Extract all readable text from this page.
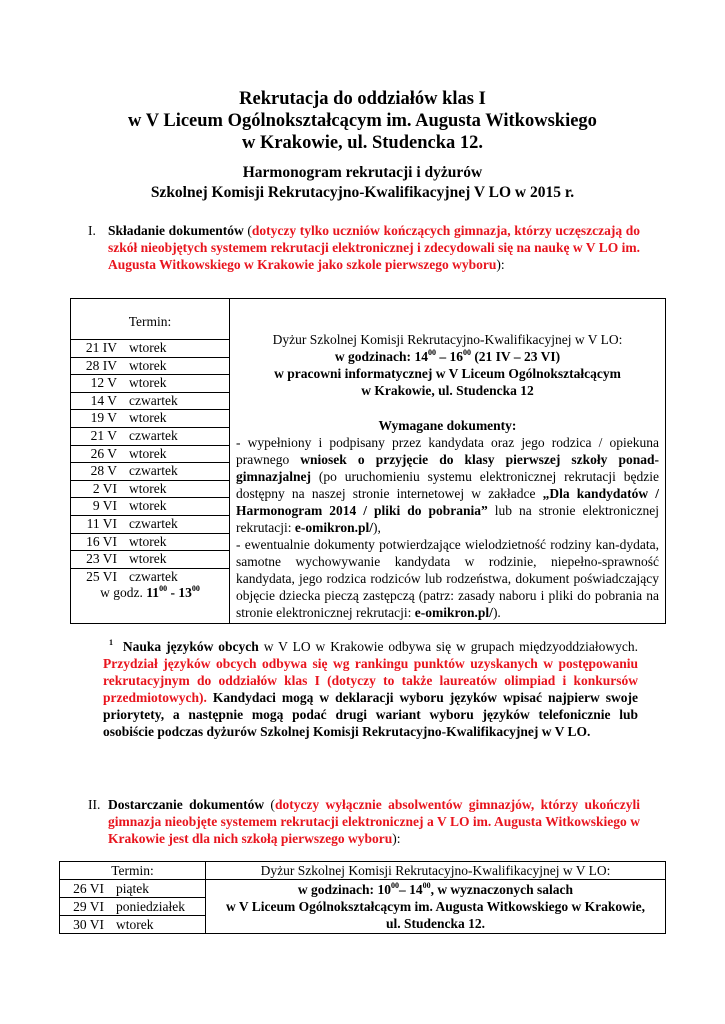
Rekrutacja do oddziałów klas I
w V Liceum Ogólnokształcącym im. Augusta Witkowskiego
w Krakowie, ul. Studencka 12.
Harmonogram rekrutacji i dyżurów
Szkolnej Komisji Rekrutacyjno-Kwalifikacyjnej V LO w 2015 r.
I. Składanie dokumentów (dotyczy tylko uczniów kończących gimnazja, którzy uczęszczają do szkół nieobjętych systemem rekrutacji elektronicznej i zdecydowali się na naukę w V LO im. Augusta Witkowskiego w Krakowie jako szkole pierwszego wyboru):
Termin:
21 IV	wtorek
28 IV	wtorek
12 V	wtorek
14 V	czwartek
19 V	wtorek
21 V	czwartek
26 V	wtorek
28 V	czwartek
2 VI	wtorek
9 VI	wtorek
11 VI	czwartek
16 VI	wtorek
23 VI	wtorek
25 VI	czwartek
w godz. $11^{00} - 13^{00}$

Dyżur Szkolnej Komisji Rekrutacyjno-Kwalifikacyjnej w V LO:
w godzinach: $14^{00} - 16^{00}$ (21 IV – 23 VI)
w pracowni informatycznej w V Liceum Ogólnokształcącym
w Krakowie, ul. Studencka 12
Wymagane dokumenty:
- wypełniony i podpisany przez kandydata oraz jego rodzica / opiekuna prawnego wniosek o przyjęcie do klasy pierwszej szkoły ponad-gimnazjalnej (po uruchomieniu systemu elektronicznej rekrutacji będzie dostępny na naszej stronie internetowej w zakładce „Dla kandydatów / Harmonogram 2014 / pliki do pobrania” lub na stronie elektronicznej rekrutacji: e-omikron.pl/),
- ewentualnie dokumenty potwierdzające wielodzietność rodziny kan-dydata, samotne wychowywanie kandydata w rodzinie, niepełno-sprawność kandydata, jego rodzica rodziców lub rodzeństwa, dokument poświadczający objęcie dziecka pieczą zastępczą (patrz: zasady naboru i pliki do pobrania na stronie elektronicznej rekrutacji: e-omikron.pl/).
$^1$ Nauka języków obcych w V LO w Krakowie odbywa się w grupach międzyoddziałowych. Przydział języków obcych odbywa się wg rankingu punktów uzyskanych w postępowaniu rekrutacyjnym do oddziałów klas I (dotyczy to także laureatów olimpiad i konkursów przedmiotowych). Kandydaci mogą w deklaracji wyboru języków wpisać najpierw swoje priorytety, a następnie mogą podać drugi wariant wyboru języków telefonicznie lub osobiście podczas dyżurów Szkolnej Komisji Rekrutacyjno-Kwalifikacyjnej w V LO.
II. Dostarczanie dokumentów (dotyczy wyłącznie absolwentów gimnazjów, którzy ukończyli gimnazja nieobjęte systemem rekrutacji elektronicznej a V LO im. Augusta Witkowskiego w Krakowie jest dla nich szkołą pierwszego wyboru):
Termin:	Dyżur Szkolnej Komisji Rekrutacyjno-Kwalifikacyjnej w V LO:

26 VI	piątek
29 VI	poniedziałek
30 VI	wtorek

w godzinach: $10^{00}-$ $14^{00}$, w wyznaczonych salach
w V Liceum Ogólnokształcącym im. Augusta Witkowskiego w Krakowie,
ul. Studencka 12.
